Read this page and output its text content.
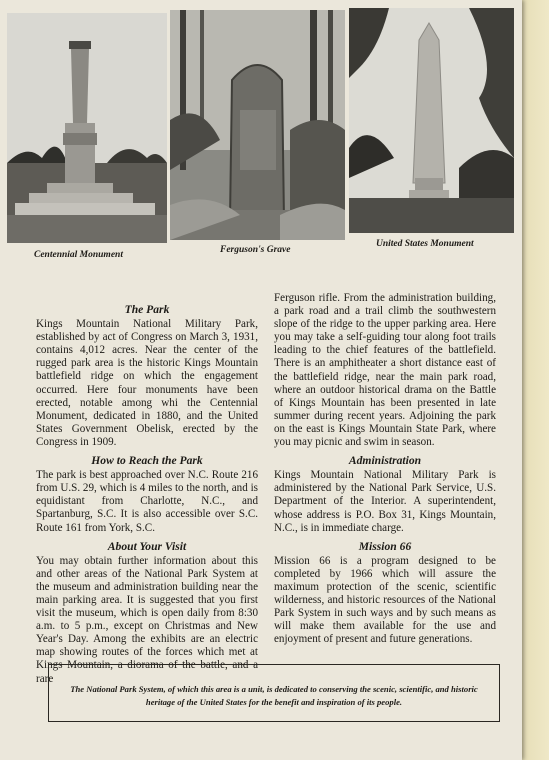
Centennial Monument	Ferguson's Grave
United States Monument
The Park

Kings Mountain National Military Park, established by act of Congress on March 3, 1931, contains 4,012 acres. Near the center of the rugged park area is the historic Kings Mountain battlefield ridge on which the engagement occurred. Here four monuments have been erected, notable among whi the Centennial Monument, dedicated in 1880, and the United States Government Obelisk, erected by the Congress in 1909.

How to Reach the Park

The park is best approached over N.C. Route 216 from U.S. 29, which is 4 miles to the north, and is equidistant from Charlotte, N.C., and Spartanburg, S.C. It is also accessible over S.C. Route 161 from York, S.C.

About Your Visit

You may obtain further information about this and other areas of the National Park System at the museum and administration building near the main parking area. It is suggested that you first visit the museum, which is open daily from 8:30 a.m. to 5 p.m., except on Christmas and New Year's Day. Among the exhibits are an electric map showing routes of the forces which met at Kings Mountain, a diorama of the battle, and a rare

Ferguson rifle. From the administration building, a park road and a trail climb the southwestern slope of the ridge to the upper parking area. Here you may take a self-guiding tour along foot trails leading to the chief features of the battlefield. There is an amphitheater a short distance east of the battlefield ridge, near the main park road, where an outdoor historical drama on the Battle of Kings Mountain has been presented in late summer during recent years. Adjoining the park on the east is Kings Mountain State Park, where you may picnic and swim in season.

Administration

Kings Mountain National Military Park is administered by the National Park Service, U.S. Department of the Interior. A superintendent, whose address is P.O. Box 31, Kings Mountain, N.C., is in immediate charge.

Mission 66

Mission 66 is a program designed to be completed by 1966 which will assure the maximum protection of the scenic, scientific wilderness, and historic resources of the National Park System in such ways and by such means as will make them available for the use and enjoyment of present and future generations.

The National Park System, of which this area is a unit, is dedicated to conserving the scenic, scientific, and historic heritage of the United States for the benefit and inspiration of its people.
